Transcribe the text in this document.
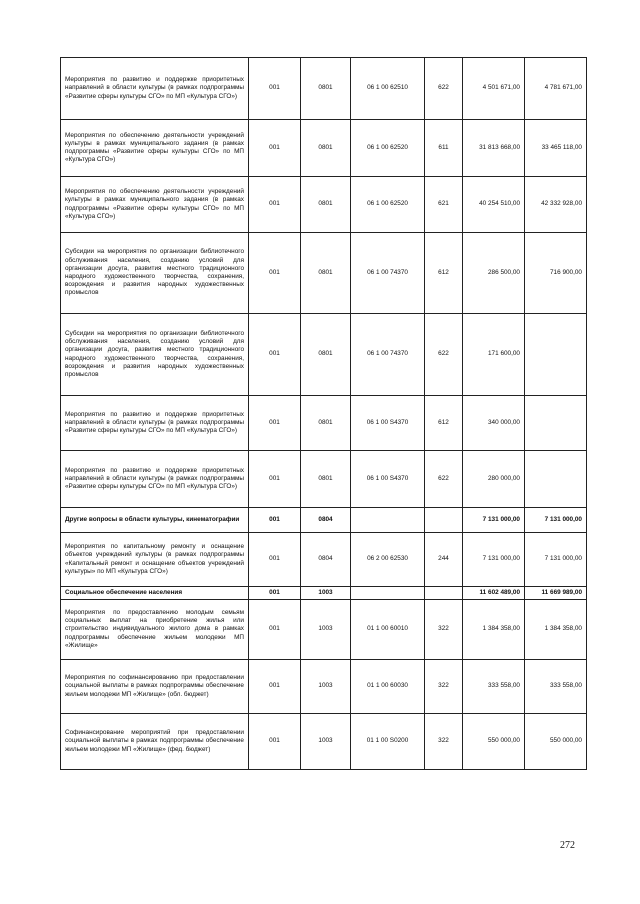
Мероприятия по развитию и поддержке приоритетных направлений в области культуры (в рамках подпрограммы «Развитие сферы культуры СГО» по МП «Культура СГО»)	001	0801	06 1 00 62510	622	4 501 671,00	4 781 671,00
Мероприятия по обеспечению деятельности учреждений культуры в рамках муниципального задания (в рамках подпрограммы «Развитие сферы культуры СГО» по МП «Культура СГО»)	001	0801	06 1 00 62520	611	31 813 668,00	33 465 118,00
Мероприятия по обеспечению деятельности учреждений культуры в рамках муниципального задания (в рамках подпрограммы «Развитие сферы культуры СГО» по МП «Культура СГО»)	001	0801	06 1 00 62520	621	40 254 510,00	42 332 928,00
Субсидии на мероприятия по организации библиотечного обслуживания населения, созданию условий для организации досуга, развития местного традиционного народного художественного творчества, сохранения, возрождения и развития народных художественных промыслов	001	0801	06 1 00 74370	612	286 500,00	716 900,00
Субсидии на мероприятия по организации библиотечного обслуживания населения, созданию условий для организации досуга, развития местного традиционного народного художественного творчества, сохранения, возрождения и развития народных художественных промыслов	001	0801	06 1 00 74370	622	171 600,00	
Мероприятия по развитию и поддержке приоритетных направлений в области культуры (в рамках подпрограммы «Развитие сферы культуры СГО» по МП «Культура СГО»)	001	0801	06 1 00 S4370	612	340 000,00	
Мероприятия по развитию и поддержке приоритетных направлений в области культуры (в рамках подпрограммы «Развитие сферы культуры СГО» по МП «Культура СГО»)	001	0801	06 1 00 S4370	622	280 000,00	
Другие вопросы в области культуры, кинематографии	001	0804			7 131 000,00	7 131 000,00
Мероприятия по капитальному ремонту и оснащение объектов учреждений культуры (в рамках подпрограммы «Капитальный ремонт и оснащение объектов учреждений культуры» по МП «Культура СГО»)	001	0804	06 2 00 62530	244	7 131 000,00	7 131 000,00
Социальное обеспечение населения	001	1003			11 602 489,00	11 669 989,00
Мероприятия по предоставлению молодым семьям социальных выплат на приобретение жилья или строительство индивидуального жилого дома в рамках подпрограммы обеспечение жильем молодежи МП «Жилище»	001	1003	01 1 00 60010	322	1 384 358,00	1 384 358,00
Мероприятия по софинансированию при предоставлении социальной выплаты в рамках подпрограммы обеспечение жильем молодежи МП «Жилище» (обл. бюджет)	001	1003	01 1 00 60030	322	333 558,00	333 558,00
Софинансирование мероприятий при предоставлении социальной выплаты в рамках подпрограммы обеспечение жильем молодежи МП «Жилище» (фед. бюджет)	001	1003	01 1 00 S0200	322	550 000,00	550 000,00
272
